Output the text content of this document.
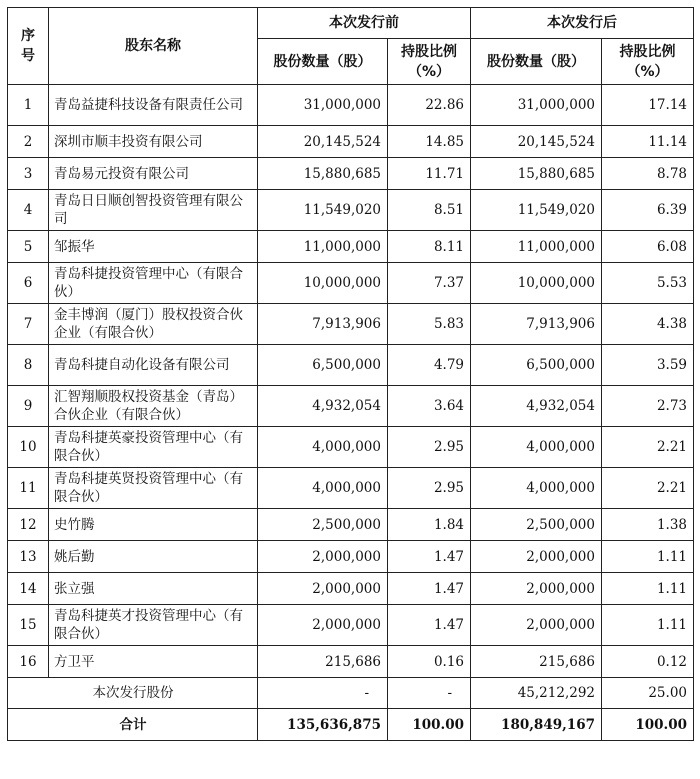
序号	股东名称	本次发行前		本次发行后	
		股份数量（股）	持股比例（%）	股份数量（股）	持股比例（%）
1	青岛益捷科技设备有限责任公司	31,000,000	22.86	31,000,000	17.14
2	深圳市顺丰投资有限公司	20,145,524	14.85	20,145,524	11.14
3	青岛易元投资有限公司	15,880,685	11.71	15,880,685	8.78
4	青岛日日顺创智投资管理有限公司	11,549,020	8.51	11,549,020	6.39
5	邹振华	11,000,000	8.11	11,000,000	6.08
6	青岛科捷投资管理中心（有限合伙）	10,000,000	7.37	10,000,000	5.53
7	金丰博润（厦门）股权投资合伙企业（有限合伙）	7,913,906	5.83	7,913,906	4.38
8	青岛科捷自动化设备有限公司	6,500,000	4.79	6,500,000	3.59
9	汇智翔顺股权投资基金（青岛）合伙企业（有限合伙）	4,932,054	3.64	4,932,054	2.73
10	青岛科捷英豪投资管理中心（有限合伙）	4,000,000	2.95	4,000,000	2.21
11	青岛科捷英贤投资管理中心（有限合伙）	4,000,000	2.95	4,000,000	2.21
12	史竹腾	2,500,000	1.84	2,500,000	1.38
13	姚后勤	2,000,000	1.47	2,000,000	1.11
14	张立强	2,000,000	1.47	2,000,000	1.11
15	青岛科捷英才投资管理中心（有限合伙）	2,000,000	1.47	2,000,000	1.11
16	方卫平	215,686	0.16	215,686	0.12
本次发行股份		-	-	45,212,292	25.00
合计		135,636,875	100.00	180,849,167	100.00
